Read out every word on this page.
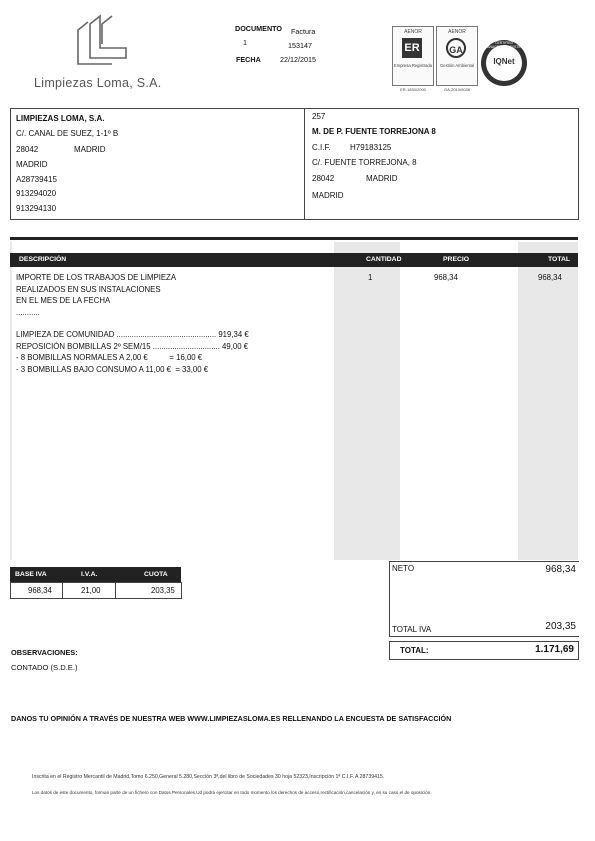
Limpiezas Loma, S.A.
DOCUMENTO Factura
1	153147
FECHA	22/12/2015
AENOR
ER
Empresa Registrada
ER-1830/2000
AENOR
GA
Gestión Ambiental
GA-2010/0036
IQNet
CERTIFIED MANAGEMENT SYSTEM
LIMPIEZAS LOMA, S.A.
C/. CANAL DE SUEZ, 1-1º B
28042	MADRID
MADRID
A28739415
913294020
913294130
257
M. DE P. FUENTE TORREJONA 8
C.I.F. H79183125
C/. FUENTE TORREJONA, 8
28042	MADRID
MADRID
DESCRIPCIÓN	CANTIDAD	PRECIO	TOTAL
IMPORTE DE LOS TRABAJOS DE LIMPIEZA
REALIZADOS EN SUS INSTALACIONES
EN EL MES DE LA FECHA
...........
LIMPIEZA DE COMUNIDAD .............................................. 919,34 €
REPOSICIÓN BOMBILLAS 2º SEM/15 ............................... 49,00 €
- 8 BOMBILLAS NORMALES A 2,00 €          = 16,00 €
- 3 BOMBILLAS BAJO CONSUMO A 11,00 €  = 33,00 €
1	968,34	968,34
BASE IVA	I.V.A.	CUOTA
968,34	21,00	203,35
NETO	968,34
TOTAL IVA	203,35
TOTAL:	1.171,69
OBSERVACIONES:
CONTADO (S.D.E.)
DANOS TU OPINIÓN A TRAVÉS DE NUESTRA WEB WWW.LIMPIEZASLOMA.ES RELLENANDO LA ENCUESTA DE SATISFACCIÓN
Inscrita en el Registro Mercantil de Madrid,Tomo 6.250,General 5.280,Sección 3ª,del libro de Sociedades 30 hoja 52323,Inscripción 1ª C.I.F. A 28739415.
Los datos de este documento, forman parte de un fichero con Datos Personales.Ud podrá ejercitar en todo momento los derechos de acceso,rectificación,cancelación y, en su caso,el de oposición.
